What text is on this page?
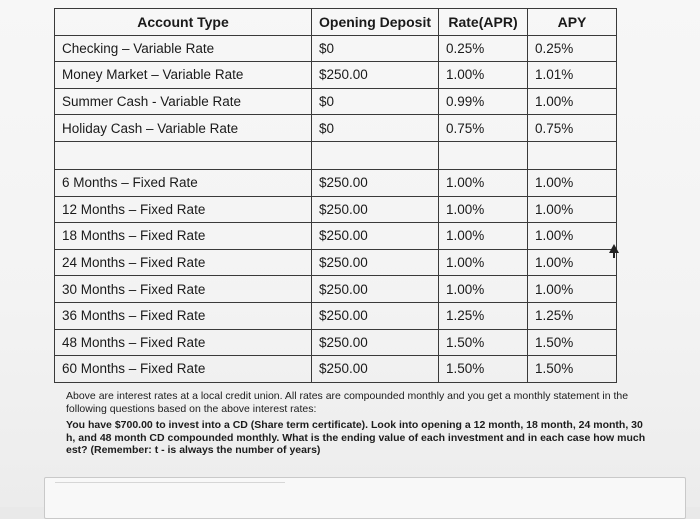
Account Type	Opening Deposit	Rate(APR)	APY
Checking – Variable Rate	$0	0.25%	0.25%
Money Market – Variable Rate	$250.00	1.00%	1.01%
Summer Cash - Variable Rate	$0	0.99%	1.00%
Holiday Cash – Variable Rate	$0	0.75%	0.75%

6 Months – Fixed Rate	$250.00	1.00%	1.00%
12 Months – Fixed Rate	$250.00	1.00%	1.00%
18 Months – Fixed Rate	$250.00	1.00%	1.00%
24 Months – Fixed Rate	$250.00	1.00%	1.00%
30 Months – Fixed Rate	$250.00	1.00%	1.00%
36 Months – Fixed Rate	$250.00	1.25%	1.25%
48 Months – Fixed Rate	$250.00	1.50%	1.50%
60 Months – Fixed Rate	$250.00	1.50%	1.50%

Above are interest rates at a local credit union. All rates are compounded monthly and you get a monthly statement in the

following questions based on the above interest rates:

You have $700.00 to invest into a CD (Share term certificate). Look into opening a 12 month, 18 month, 24 month, 30

h, and 48 month CD compounded monthly. What is the ending value of each investment and in each case how much

est? (Remember: t - is always the number of years)
